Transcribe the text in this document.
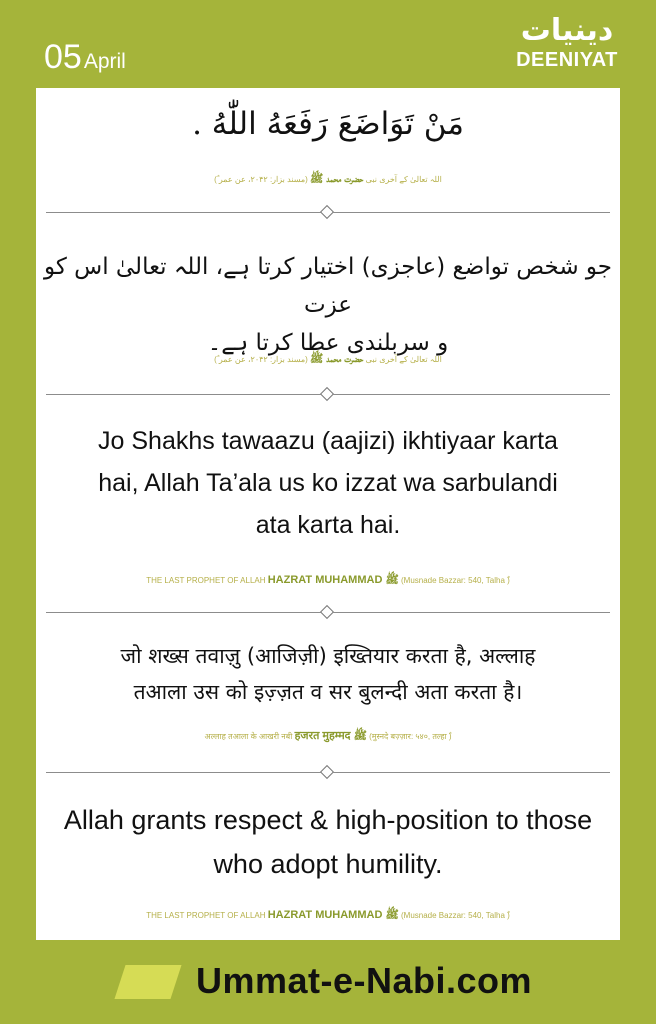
05April
دینیات
DEENIYAT
مَنْ تَوَاضَعَ رَفَعَهُ اللّٰهُ .
اللہ تعالیٰ کے آخری نبی حضرت محمد ﷺ (مسند بزار: ۲۰۴۲، عن عمر ؓ)
جو شخص تواضع (عاجزی) اختیار کرتا ہے، اللہ تعالیٰ اس کو عزت
و سربلندی عطا کرتا ہے۔
اللہ تعالیٰ کے آخری نبی حضرت محمد ﷺ (مسند بزار: ۲۰۴۲، عن عمر ؓ)
Jo Shakhs tawaazu (aajizi) ikhtiyaar karta
hai, Allah Ta’ala us ko izzat wa sarbulandi
ata karta hai.
THE LAST PROPHET OF ALLAH HAZRAT MUHAMMAD ﷺ (Musnade Bazzar: 540, Talha ؓ)
जो शख्स तवाज़ु (आजिज़ी) इख्तियार करता है, अल्लाह
तआला उस को इज़्ज़त व सर बुलन्दी अता करता है।
अल्लाह तआला के आखरी नबी हजरत मुहम्मद ﷺ (मुस्नदे बज़्ज़ार: ५४०, तल्हा ؓ)
Allah grants respect & high-position to those
who adopt humility.
THE LAST PROPHET OF ALLAH HAZRAT MUHAMMAD ﷺ (Musnade Bazzar: 540, Talha ؓ)
Ummat-e-Nabi.com
